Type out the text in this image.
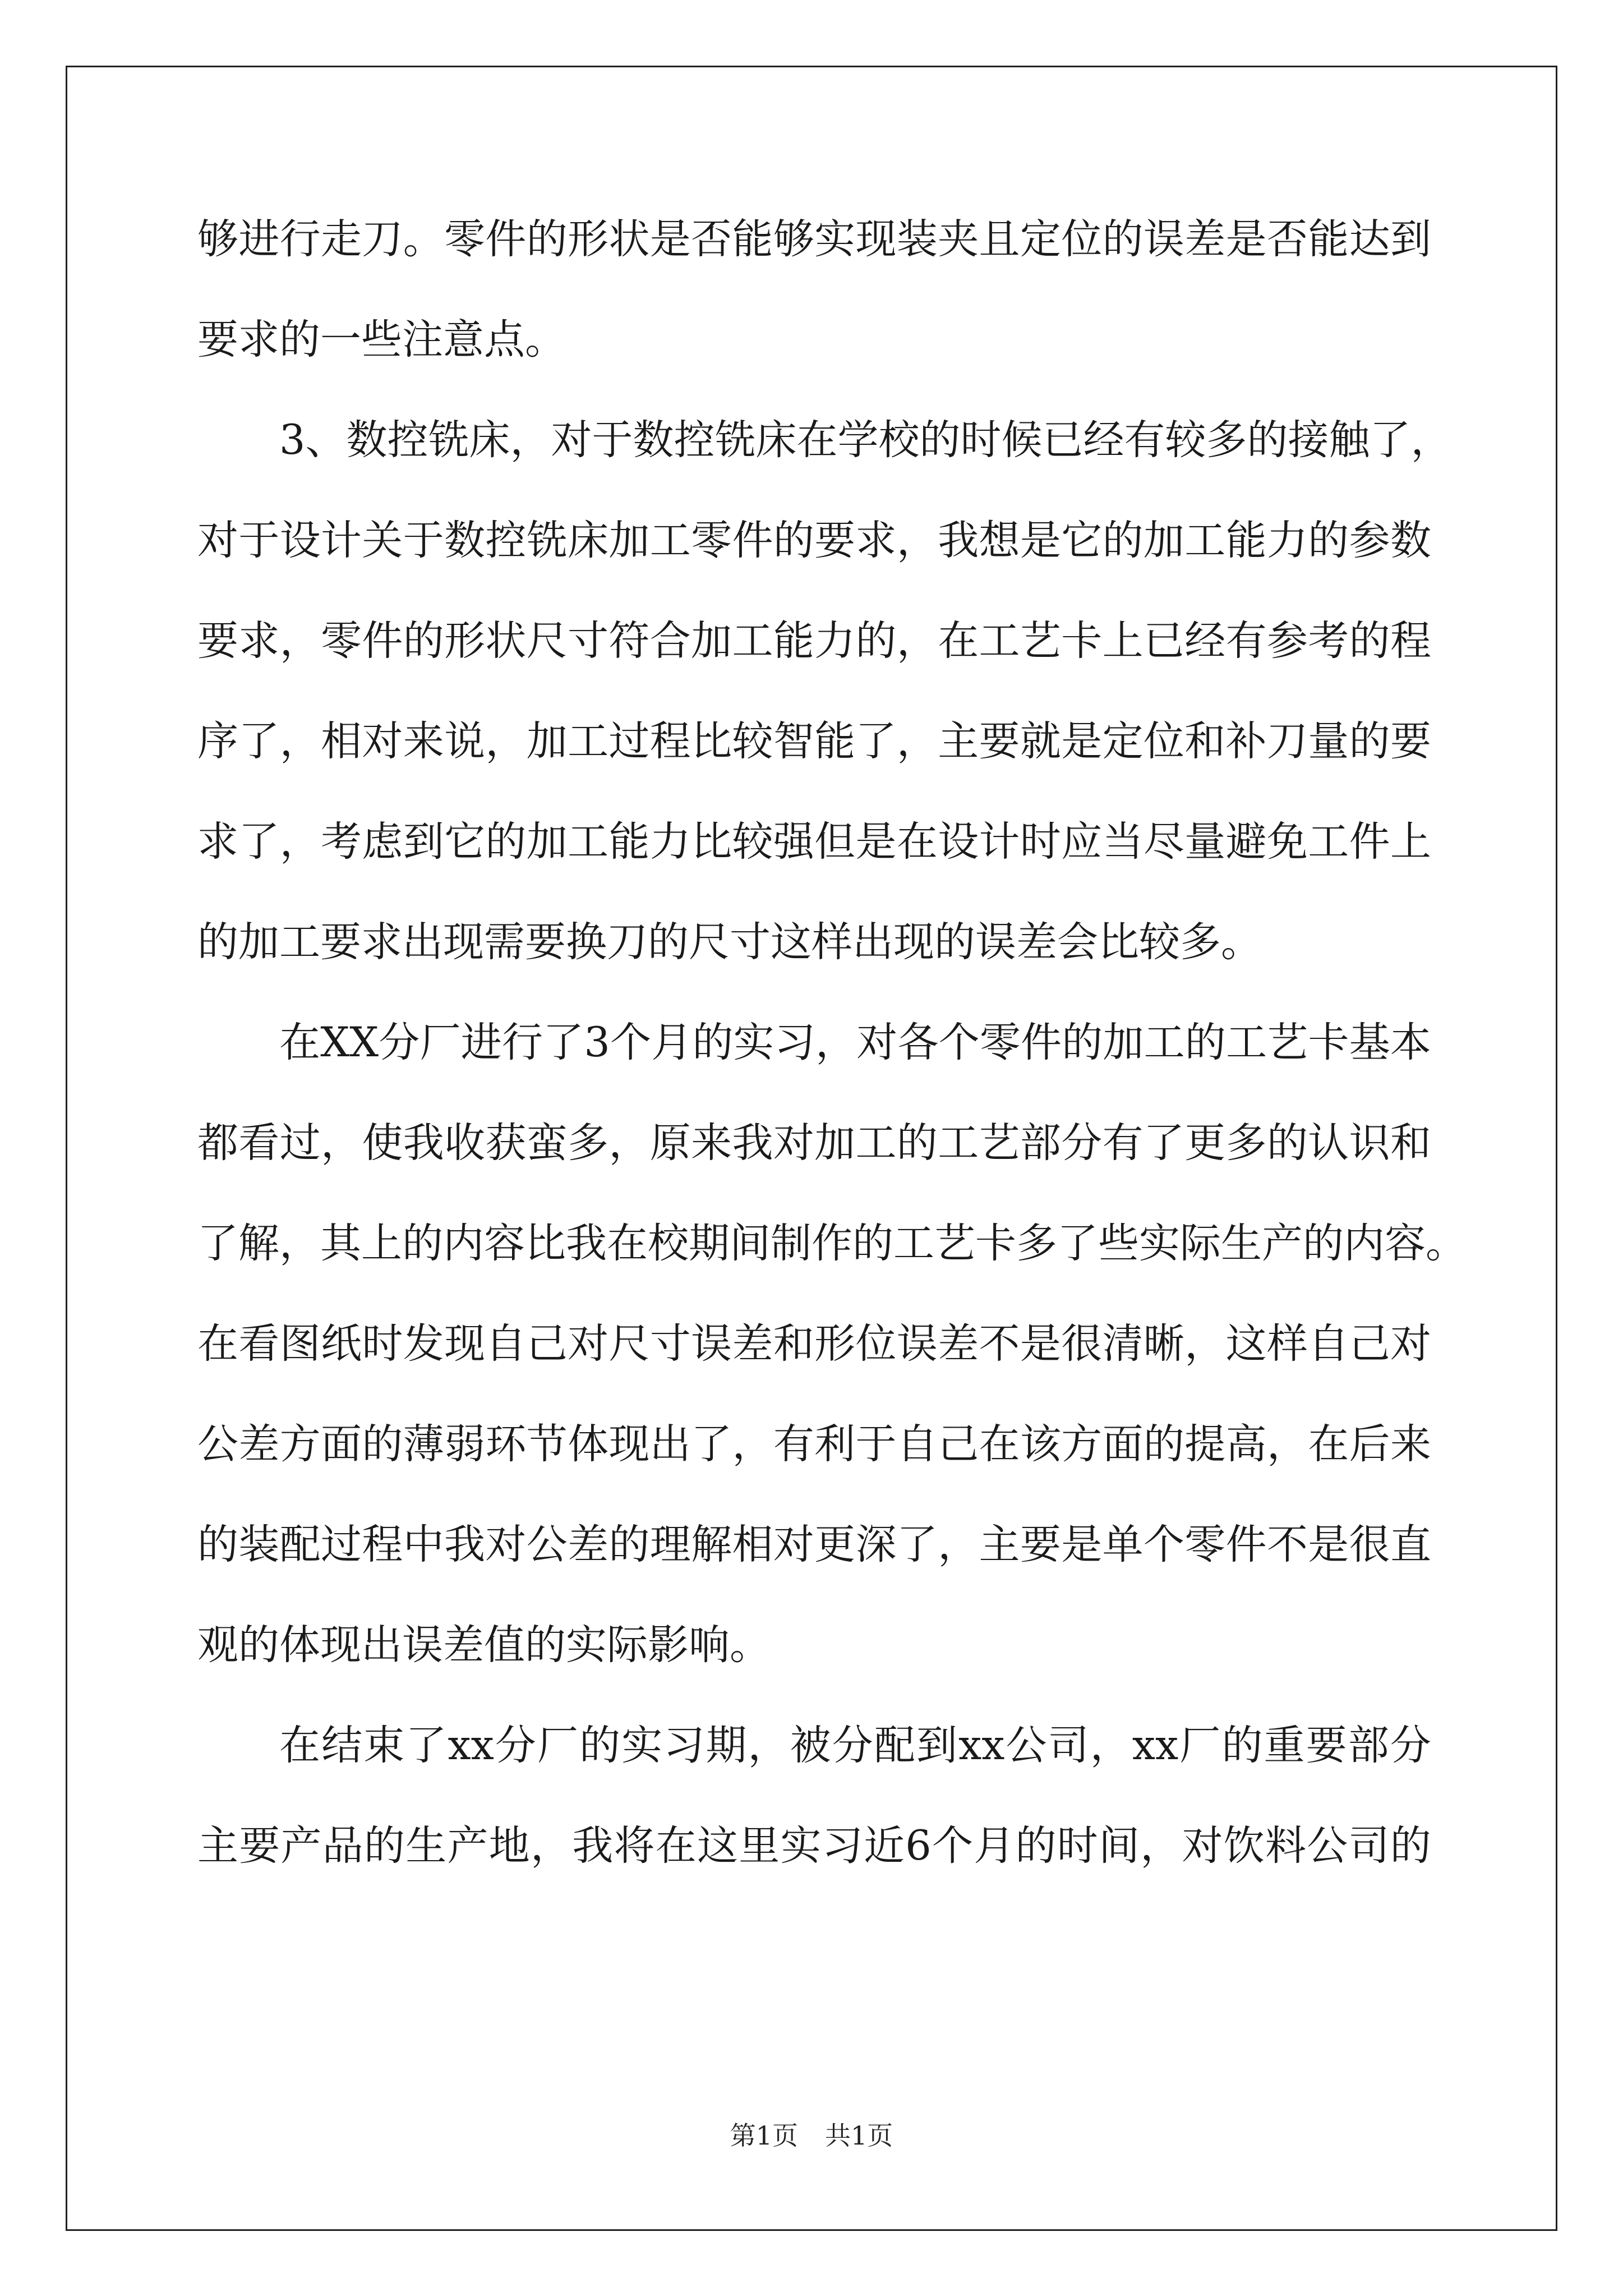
够 进 行 走 刀 。 零 件 的 形 状 是 否 能 够 实 现 装 夹 且 定 位 的 误 差 是 否 能 达 到
要求的一些注意点。
3 、 数 控 铣 床 ， 对 于 数 控 铣 床 在 学 校 的 时 候 已 经 有 较 多 的 接 触 了 ，
对 于 设 计 关 于 数 控 铣 床 加 工 零 件 的 要 求 ， 我 想 是 它 的 加 工 能 力 的 参 数
要 求 ， 零 件 的 形 状 尺 寸 符 合 加 工 能 力 的 ， 在 工 艺 卡 上 已 经 有 参 考 的 程
序 了 ， 相 对 来 说 ， 加 工 过 程 比 较 智 能 了 ， 主 要 就 是 定 位 和 补 刀 量 的 要
求 了 ， 考 虑 到 它 的 加 工 能 力 比 较 强 但 是 在 设 计 时 应 当 尽 量 避 免 工 件 上
的加工要求出现需要换刀的尺寸这样出现的误差会比较多。
在 XX 分 厂 进 行 了 3 个 月 的 实 习 ， 对 各 个 零 件 的 加 工 的 工 艺 卡 基 本
都 看 过 ， 使 我 收 获 蛮 多 ， 原 来 我 对 加 工 的 工 艺 部 分 有 了 更 多 的 认 识 和
了 解 ， 其 上 的 内 容 比 我 在 校 期 间 制 作 的 工 艺 卡 多 了 些 实 际 生 产 的 内 容 。
在 看 图 纸 时 发 现 自 己 对 尺 寸 误 差 和 形 位 误 差 不 是 很 清 晰 ， 这 样 自 己 对
公 差 方 面 的 薄 弱 环 节 体 现 出 了 ， 有 利 于 自 己 在 该 方 面 的 提 高 ， 在 后 来
的 装 配 过 程 中 我 对 公 差 的 理 解 相 对 更 深 了 ， 主 要 是 单 个 零 件 不 是 很 直
观的体现出误差值的实际影响。
在 结 束 了 xx 分 厂 的 实 习 期 ， 被 分 配 到 xx 公 司 ， xx 厂 的 重 要 部 分
主 要 产 品 的 生 产 地 ， 我 将 在 这 里 实 习 近 6 个 月 的 时 间 ， 对 饮 料 公 司 的
第1页 共1页
